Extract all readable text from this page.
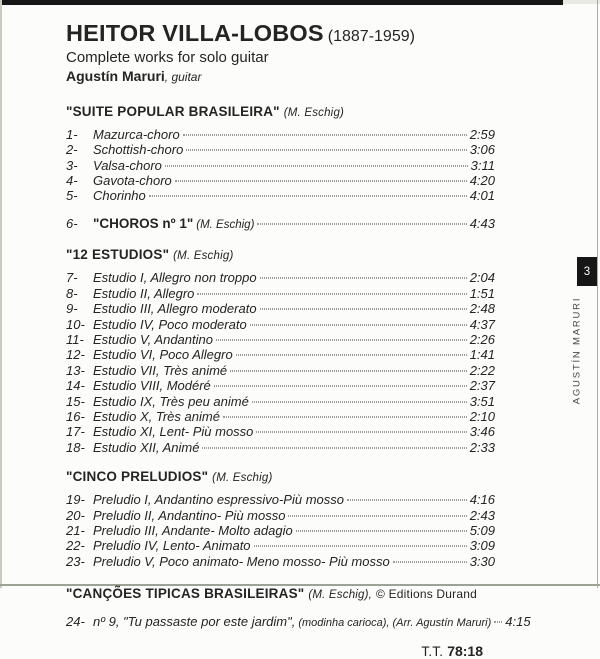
HEITOR VILLA-LOBOS (1887-1959)
Complete works for solo guitar
Agustín Maruri, guitar
"SUITE POPULAR BRASILEIRA" (M. Eschig)
1-	Mazurca-choro	2:59
2-	Schottish-choro	3:06
3-	Valsa-choro	3:11
4-	Gavota-choro	4:20
5-	Chorinho	4:01
6-	"CHOROS nº 1" (M. Eschig)	4:43
"12 ESTUDIOS" (M. Eschig)
7-	Estudio I, Allegro non troppo	2:04
8-	Estudio II, Allegro	1:51
9-	Estudio III, Allegro moderato	2:48
10- Estudio IV, Poco moderato	4:37
11- Estudio V, Andantino	2:26
12- Estudio VI, Poco Allegro	1:41
13- Estudio VII, Très animé	2:22
14- Estudio VIII, Modéré	2:37
15- Estudio IX, Très peu animé	3:51
16- Estudio X, Très animé	2:10
17- Estudio XI, Lent- Più mosso	3:46
18- Estudio XII, Animé	2:33
"CINCO PRELUDIOS" (M. Eschig)
19- Preludio I, Andantino espressivo-Più mosso	4:16
20- Preludio II, Andantino- Più mosso	2:43
21- Preludio III, Andante- Molto adagio	5:09
22- Preludio IV, Lento- Animato	3:09
23- Preludio V, Poco animato- Meno mosso- Più mosso	3:30
"CANÇÕES TIPICAS BRASILEIRAS" (M. Eschig), © Editions Durand
24- nº 9, "Tu passaste por este jardim", (modinha carioca), (Arr. Agustín Maruri) 4:15
T.T. 78:18
3
AGUSTÍN MARURI
